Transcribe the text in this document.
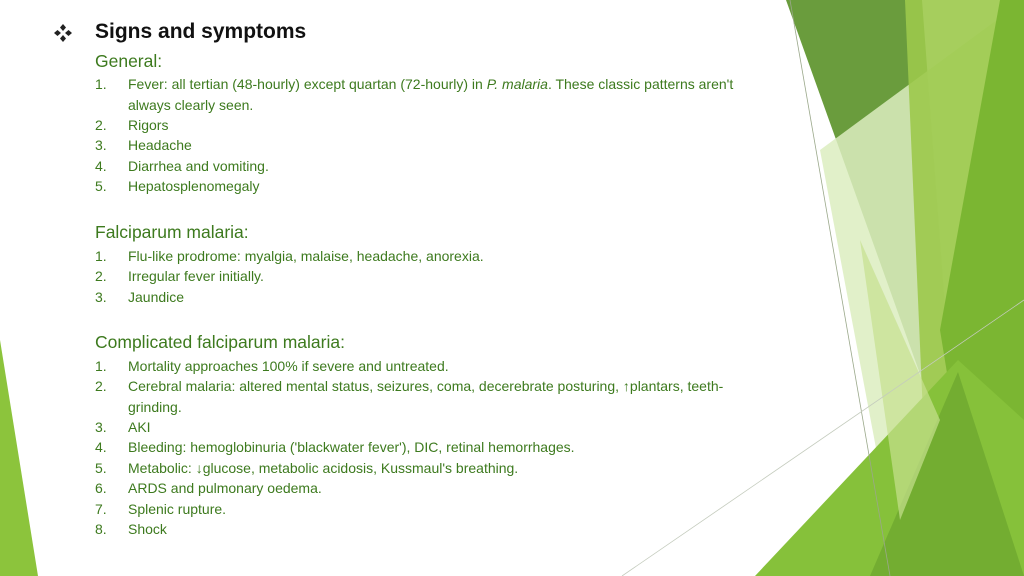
Signs and symptoms
General:
1.	Fever: all tertian (48-hourly) except quartan (72-hourly) in P. malaria. These classic patterns aren't always clearly seen.
2.	Rigors
3.	Headache
4.	Diarrhea and vomiting.
5.	Hepatosplenomegaly
Falciparum malaria:
1.	Flu-like prodrome: myalgia, malaise, headache, anorexia.
2.	Irregular fever initially.
3.	Jaundice
Complicated falciparum malaria:
1.	Mortality approaches 100% if severe and untreated.
2.	Cerebral malaria: altered mental status, seizures, coma, decerebrate posturing, ↑plantars, teeth-grinding.
3.	AKI
4.	Bleeding: hemoglobinuria ('blackwater fever'), DIC, retinal hemorrhages.
5.	Metabolic: ↓glucose, metabolic acidosis, Kussmaul's breathing.
6.	ARDS and pulmonary oedema.
7.	Splenic rupture.
8.	Shock
